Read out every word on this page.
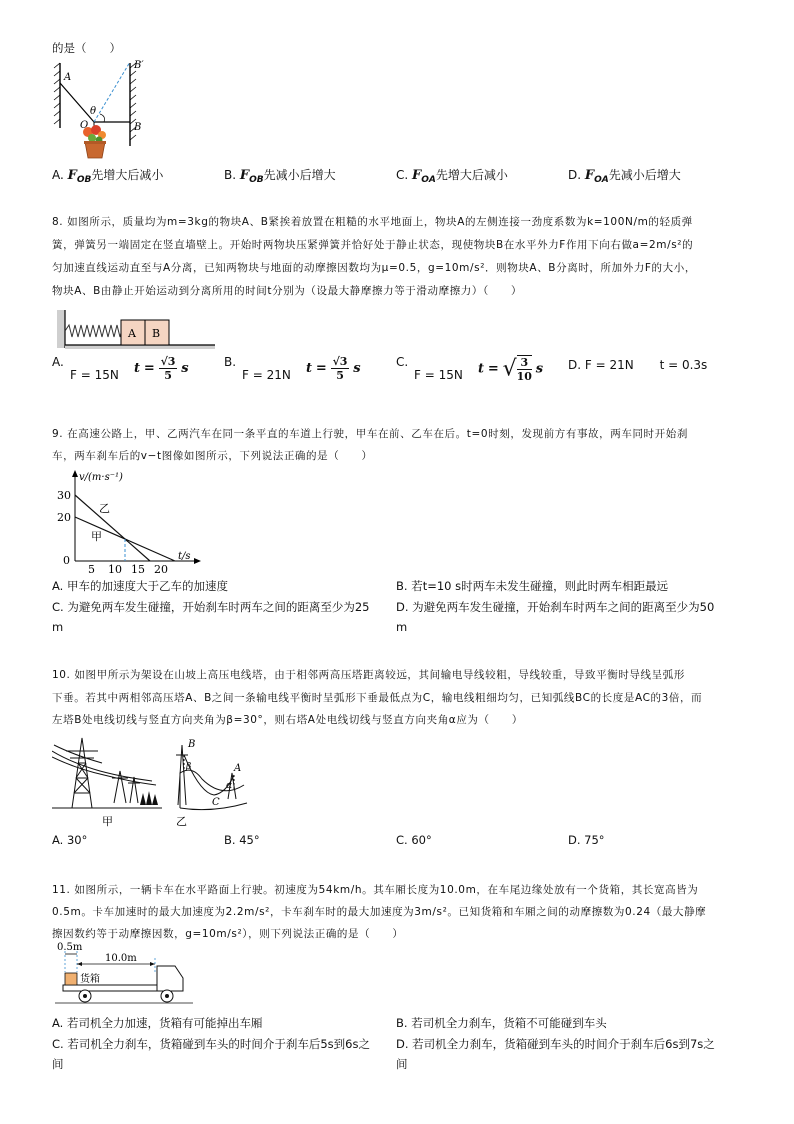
的是（　　）
A
B′
B
O
θ
A. $F_{OB}$先增大后减小	B. $F_{OB}$先减小后增大	C. $F_{OA}$先增大后减小	D. $F_{OA}$先减小后增大
8. 如图所示，质量均为m=3kg的物块A、B紧挨着放置在粗糙的水平地面上，物块A的左侧连接一劲度系数为k=100N/m的轻质弹
簧，弹簧另一端固定在竖直墙壁上。开始时两物块压紧弹簧并恰好处于静止状态，现使物块B在水平外力F作用下向右做a=2m/s²的
匀加速直线运动直至与A分离，已知两物块与地面的动摩擦因数均为μ=0.5，g=10m/s²．则物块A、B分离时，所加外力F的大小，
物块A、B由静止开始运动到分离所用的时间t分别为（设最大静摩擦力等于滑动摩擦力）（　　）
A B
A.
F = 15N $t = \frac{√3}{5}$ s	B.
F = 21N $t = \frac{√3}{5}$ s	C.
F = 15N t = √ $\frac{3}{10}$ s	D. F = 21N t = 0.3s
9. 在高速公路上，甲、乙两汽车在同一条平直的车道上行驶，甲车在前、乙车在后。t=0时刻，发现前方有事故，两车同时开始刹
车，两车刹车后的v−t图像如图所示，下列说法正确的是（　　）
v/(m·s⁻¹)
t/s
30
20
0
5 10 15 20
乙
甲
A. 甲车的加速度大于乙车的加速度	B. 若t=10 s时两车未发生碰撞，则此时两车相距最远
C. 为避免两车发生碰撞，开始刹车时两车之间的距离至少为25
m
D. 为避免两车发生碰撞，开始刹车时两车之间的距离至少为50
m
10. 如图甲所示为架设在山坡上高压电线塔，由于相邻两高压塔距离较远，其间输电导线较粗，导线较重，导致平衡时导线呈弧形
下垂。若其中两相邻高压塔A、B之间一条输电线平衡时呈弧形下垂最低点为C，输电线粗细均匀，已知弧线BC的长度是AC的3倍，而
左塔B处电线切线与竖直方向夹角为β=30°，则右塔A处电线切线与竖直方向夹角α应为（　　）
甲
B
β
C
A
α
乙
A. 30°	B. 45°	C. 60°	D. 75°
11. 如图所示，一辆卡车在水平路面上行驶。初速度为54km/h。其车厢长度为10.0m，在车尾边缘处放有一个货箱，其长宽高皆为
0.5m。卡车加速时的最大加速度为2.2m/s²，卡车刹车时的最大加速度为3m/s²。已知货箱和车厢之间的动摩擦数为0.24（最大静摩
擦因数约等于动摩擦因数，g=10m/s²），则下列说法正确的是（　　）
0.5m
10.0m
货箱
A. 若司机全力加速，货箱有可能掉出车厢	B. 若司机全力刹车，货箱不可能碰到车头
C. 若司机全力刹车，货箱碰到车头的时间介于刹车后5s到6s之
间
D. 若司机全力刹车，货箱碰到车头的时间介于刹车后6s到7s之
间
